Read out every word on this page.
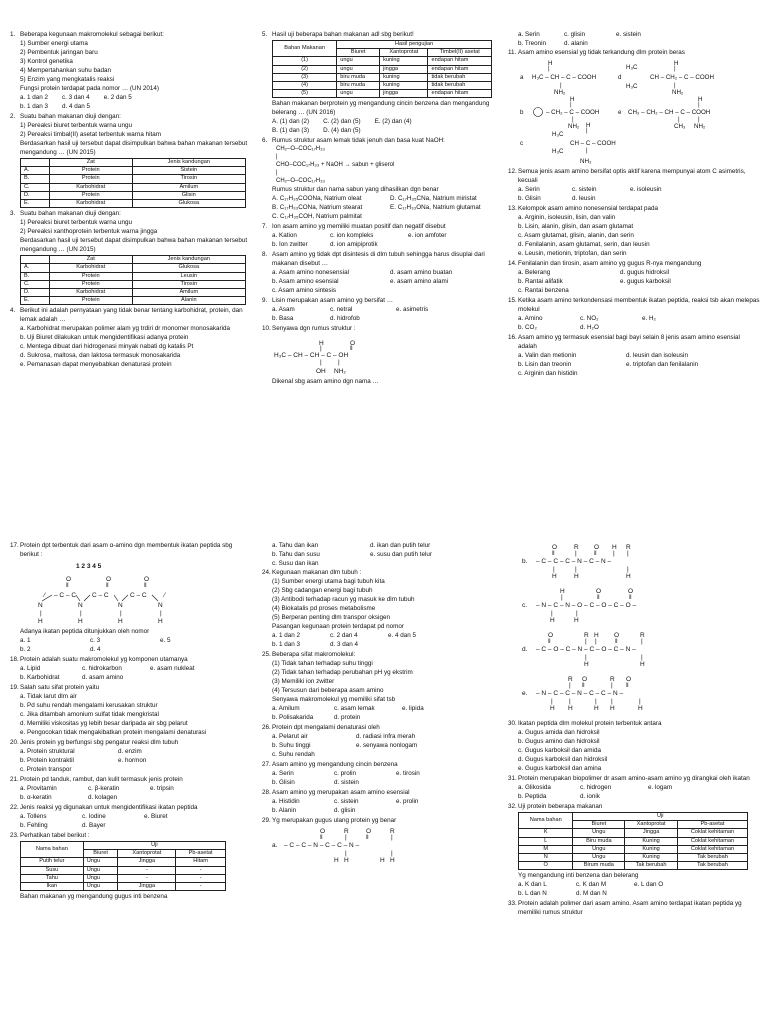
1. Beberapa kegunaan makromolekul sebagai berikut:
1) Sumber energi utama
2) Pembentuk jaringan baru
3) Kontrol genetika
4) Mempertahankan suhu badan
5) Enzim yang mengkatalis reaksi
Fungsi protein terdapat pada nomor … (UN 2014)
a. 1 dan 2 c. 3 dan 4 e. 2 dan 5
b. 1 dan 3 d. 4 dan 5
2. Suatu bahan makanan diuji dengan:
1) Pereaksi biuret terbentuk warna ungu
2) Pereaksi timbal(II) asetat terbentuk warna hitam
Berdasarkan hasil uji tersebut dapat disimpulkan bahwa bahan makanan tersebut mengandung … (UN 2015)
	Zat	Jenis kandungan
A.	Protein	Sistein
B.	Protein	Tirosin
C.	Karbohidrat	Amilum
D.	Protein	Glisin
E.	Karbohidrat	Glukosa
3. Suatu bahan makanan diuji dengan:
1) Pereaksi biuret terbentuk warna ungu
2) Pereaksi xanthoprotein terbentuk warna jingga
Berdasarkan hasil uji tersebut dapat disimpulkan bahwa bahan makanan tersebut mengandung … (UN 2015)
	Zat	Jenis kandungan
A.	Karbohidrat	Glukosa
B.	Protein	Leusin
C.	Protein	Tirosin
D.	Karbohidrat	Amilum
E.	Protein	Alanin
4. Berikut ini adalah pernyataan yang tidak benar tentang karbohidrat, protein, dan lemak adalah …
a. Karbohidrat merupakan polimer alam yg trdiri dr monomer monosakarida
b. Uji Biuret dilakukan untuk mengidentifikasi adanya protein
c. Mentega dibuat dari hidrogenasi minyak nabati dg katalis Pt
d. Sukrosa, maltosa, dan laktosa termasuk monosakarida
e. Pemanasan dapat menyebabkan denaturasi protein
5. Hasil uji beberapa bahan makanan adl sbg berikut!
Bahan Makanan	Hasil pengujian		
	Biuret	Xantoprotat	Timbel(II) asetat
(1)	ungu	kuning	endapan hitam
(2)	ungu	jingga	endapan hitam
(3)	biru muda	kuning	tidak berubah
(4)	biru muda	kuning	tidak berubah
(5)	ungu	jingga	endapan hitam
Bahan makanan berprotein yg mengandung cincin benzena dan mengandung belerang … (UN 2016)
A. (1) dan (2) C. (2) dan (5) E. (2) dan (4)
B. (1) dan (3) D. (4) dan (5)
6. Rumus struktur asam lemak tidak jenuh dan basa kuat NaOH:
CH₂–O–COC₁₇H₃₃
|
CHO–COC₁₇H₃₃ + NaOH → sabun + gliserol
|
CH₂–O–COC₁₇H₃₃
Rumus struktur dan nama sabun yang dihasilkan dgn benar
A. C₁₇H₃₅COONa, Natrium oleat	D. C₁₇H₃₅CNa, Natrium miristat
B. C₁₇H₃₃CONa, Natrium stearat	E. C₁₇H₃₃ONa, Natrium glutamat
C. C₁₇H₃₅COH, Natrium palmitat
7. Ion asam amino yg memiliki muatan positif dan negatif disebut
a. Kation	c. ion kompleks	e. ion amfoter
b. Ion zwitter	d. ion amipiprotik
8. Asam amino yg tidak dpt disintesis di dlm tubuh sehingga harus disuplai dari makanan disebut …
a. Asam amino nonesensial	d. asam amino buatan
b. Asam amino esensial	e. asam amino alami
c. Asam amino sintesis
9. Lisin merupakan asam amino yg bersifat …
a. Asam	c. netral	e. asimetris
b. Basa	d. hidrofob
10.Senyawa dgn rumus struktur :
H₃C – CH – CH – C – OH
H	O
|	‖
|	|
OH NH₂
Dikenal sbg asam amino dgn nama …
a. Serin	c. glisin	e. sistein
b. Treonin	d. alanin
11. Asam amino esensial yg tidak terkandung dlm protein beras
H
|
a H₃C – CH – C – COOH
|
NH₂
H
|
H₃C
d	CH – CH₂ – C – COOH
H₃C	|
NH₂
H
|
b	– CH₂ – C – COOH
|
NH₂
H
|
e CH₃ – CH₂ – CH – C – COOH
|	|
CH₃ NH₂
H
|
H₃C
c	CH – C – COOH
H₃C	|
NH₂
12.Semua jenis asam amino bersifat optis aktif karena mempunyai atom C asimetris, kecuali
a. Serin	c. sistein	e. isoleusin
b. Glisin	d. leusin
13.Kelompok asam amino nonesensial terdapat pada
a. Arginin, isoleusin, lisin, dan valin
b. Lisin, alanin, glisin, dan asam glutamat
c. Asam glutamat, glisin, alanin, dan serin
d. Fenilalanin, asam glutamat, serin, dan leusin
e. Leusin, metionin, triptofan, dan serin
14.Fenilalanin dan tirosin, asam amino yg gugus R-nya mengandung
a. Belerang	d. gugus hidroksil
b. Rantai alifatik	e. gugus karboksil
c. Rantai benzena
15.Ketika asam amino terkondensasi membentuk ikatan peptida, reaksi tsb akan melepas molekul
a. Amino	c. NO₂	e. H₂
b. CO₂	d. H₂O
16.Asam amino yg termasuk esensial bagi bayi selain 8 jenis asam amino esensial adalah
a. Valin dan metionin	d. leusin dan isoleusin
b. Lisin dan treonin	e. triptofan dan fenilalanin
c. Arginin dan histidin
17.Protein dpt terbentuk dari asam α-amino dgn membentuk ikatan peptida sbg berikut :
1 2 3 4 5
O	O	O
‖	‖	‖
⁄ – C – C C – C	C – C	⁄
N	N	N	N
|	|	|	|
H	H	H	H
Adanya ikatan peptida ditunjukkan oleh nomor
a. 1	c. 3	e. 5
b. 2	d. 4
18.Protein adalah suatu makromolekul yg komponen utamanya
a. Lipid	c. hidrokarbon	e. asam nukleat
b. Karbohidrat	d. asam amino
19.Salah satu sifat protein yaitu
a. Tidak larut dlm air
b. Pd suhu rendah mengalami kerusakan struktur
c. Jika ditambah amonium sulfat tidak mengkristal
d. Memiliki viskositas yg lebih besar daripada air sbg pelarut
e. Pengocokan tidak mengakibatkan protein mengalami denaturasi
20.Jenis protein yg berfungsi sbg pengatur reaksi dlm tubuh
a. Protein struktural	d. enzim
b. Protein kontraktil	e. hormon
c. Protein transpor
21.Protein pd tanduk, rambut, dan kulit termasuk jenis protein
a. Provitamin	c. β-keratin	e. tripsin
b. α-keratin	d. kolagen
22.Jenis reaksi yg digunakan untuk mengidentifikasi ikatan peptida
a. Tollens	c. Iodine	e. Biuret
b. Fehling	d. Bayer
23.Perhatikan tabel berikut :
Nama bahan	Uji		
	Biuret	Xantoprotat	Pb-asetat
Putih telur	Ungu	Jingga	Hitam
Susu	Ungu	-	-
Tahu	Ungu	-	-
Ikan	Ungu	Jingga	-
Bahan makanan yg mengandung gugus inti benzena
a. Tahu dan ikan	d. ikan dan putih telur
b. Tahu dan susu	e. susu dan putih telur
c. Susu dan ikan
24.Kegunaan makanan dlm tubuh :
(1) Sumber energi utama bagi tubuh kita
(2) Sbg cadangan energi bagi tubuh
(3) Antibodi terhadap racun yg masuk ke dlm tubuh
(4) Biokatalis pd proses metabolisme
(5) Berperan penting dlm transpor oksigen
Pasangan kegunaan protein terdapat pd nomor
a. 1 dan 2	c. 2 dan 4	e. 4 dan 5
b. 1 dan 3	d. 3 dan 4
25.Beberapa sifat makromolekul:
(1) Tidak tahan terhadap suhu tinggi
(2) Tidak tahan terhadap perubahan pH yg ekstrim
(3) Memiliki ion zwitter
(4) Tersusun dari beberapa asam amino
Senyawa makromolekul yg memiliki sifat tsb
a. Amilum	c. asam lemak	e. lipida
b. Polisakarida	d. protein
26.Protein dpt mengalami denaturasi oleh
a. Pelarut air	d. radiasi infra merah
b. Suhu tinggi	e. senyawa nonlogam
c. Suhu rendah
27.Asam amino yg mengandung cincin benzena
a. Serin	c. prolin	e. tirosin
b. Glisin	d. sistein
28.Asam amino yg merupakan asam amino esensial
a. Histidin	c. sistein	e. prolin
b. Alanin	d. glisin
29.Yg merupakan gugus ulang protein yg benar
O	R	O	R
‖	|	‖	|
a. – C – C – N – C – C – N –
|	|
H H	H H
O	R O H R
‖	|	‖	| |
b. – C – C – C – N – C – N –
|	|	|
H	H	H
H	O	O
|	‖	‖
c. – N – C – N – O – C – O – C – O –
|	|
H	H
O	R H O	R
‖	| |	‖	|
d. – C – O – C – N – C – O – C – N –
|	|
H	H
R O	R O
| ‖	| ‖
e. – N – C – C – N – C – C – N –
|	|	| |	|
H H	H H	H
30.Ikatan peptida dlm molekul protein terbentuk antara
a. Gugus amida dan hidroksil
b. Gugus amino dan hidroksil
c. Gugus karboksil dan amida
d. Gugus karboksil dan hidroksil
e. Gugus karboksil dan amina
31.Protein merupakan biopolimer dr asam amino-asam amino yg dirangkai oleh ikatan
a. Glikosida	c. hidrogen	e. logam
b. Peptida	d. ionik
32.Uji protein beberapa makanan
Nama bahan	Uji		
	Biuret	Xantoprotat	Pb-asetat
K	Ungu	Jingga	Coklat kehitaman
L	Biru muda	Kuning	Coklat kehitaman
M	Ungu	Kuning	Coklat kehitaman
N	Ungu	Kuning	Tak berubah
O	Birum muda	Tak berubah	Tak berubah
Yg mengandung inti benzena dan belerang
a. K dan L	c. K dan M	e. L dan O
b. L dan N	d. M dan N
33.Protein adalah polimer dari asam amino. Asam amino terdapat ikatan peptida yg memiliki rumus struktur
